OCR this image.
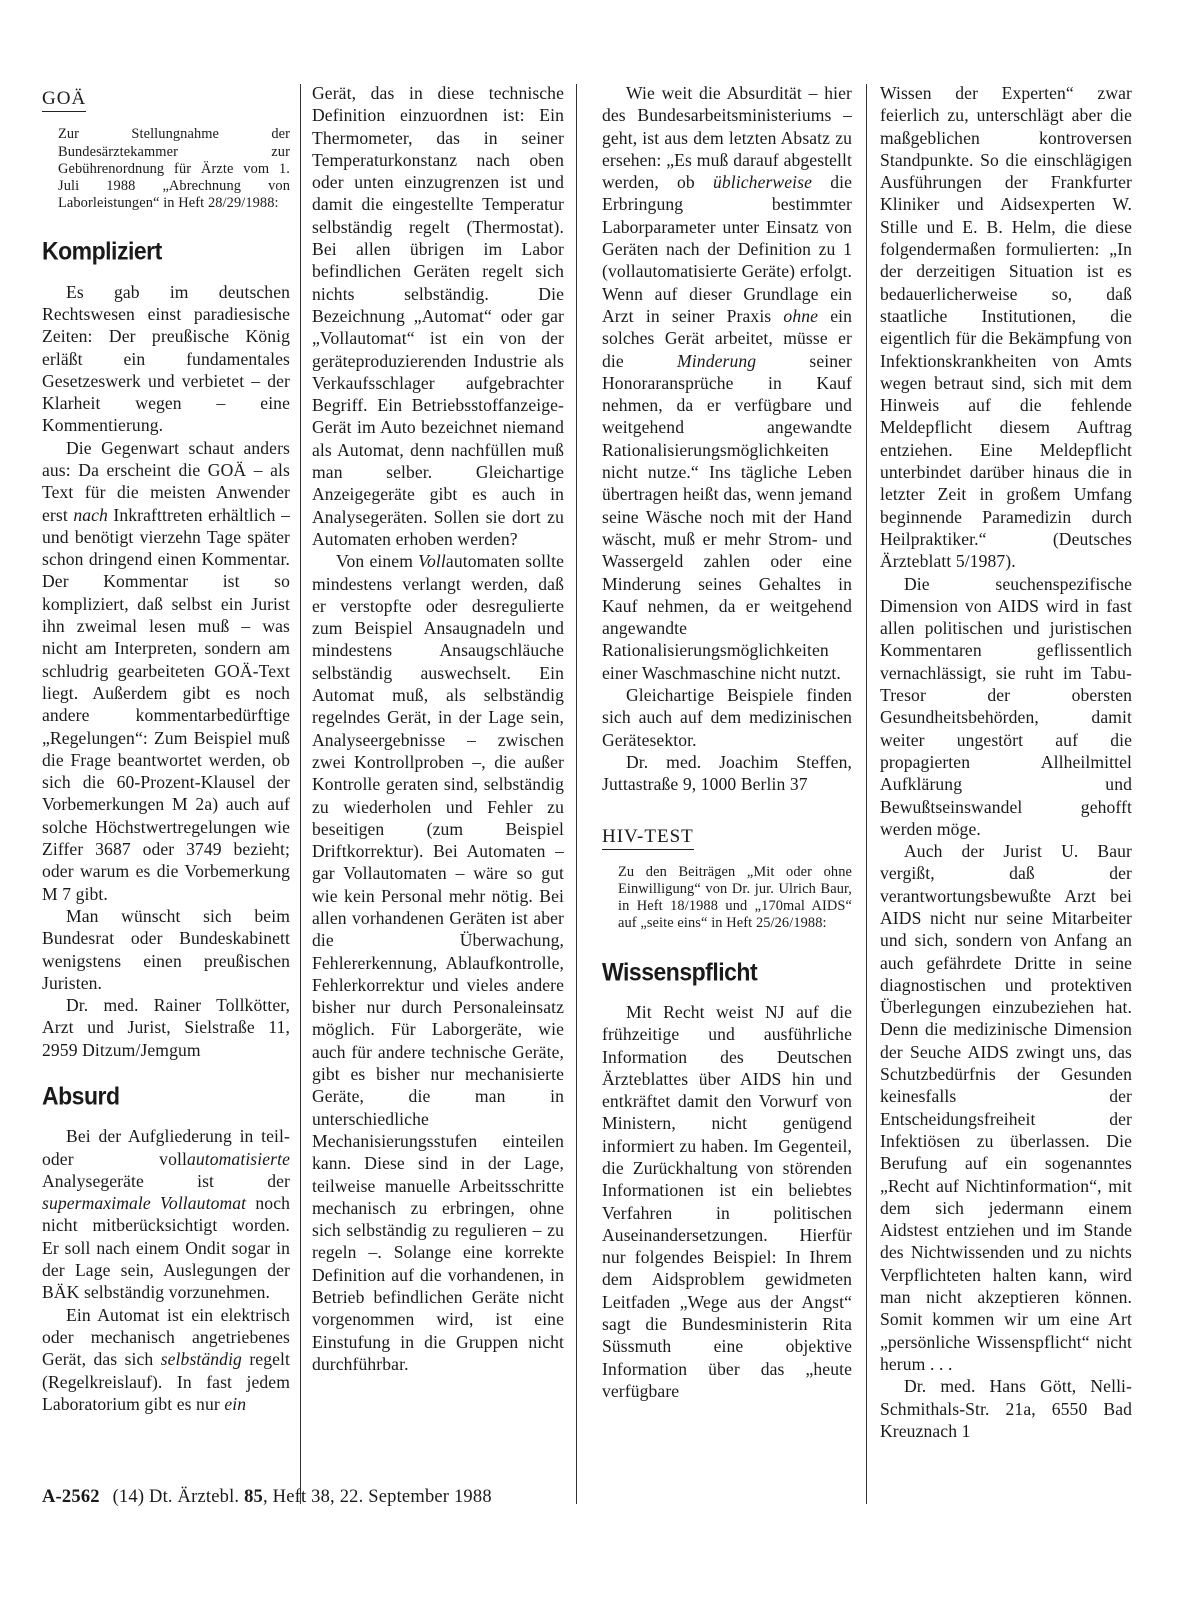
GOÄ
Zur Stellungnahme der Bundesärztekammer zur Gebührenordnung für Ärzte vom 1. Juli 1988 „Abrechnung von Laborleistungen“ in Heft 28/29/1988:
Kompliziert

Es gab im deutschen Rechtswesen einst paradiesische Zeiten: Der preußische König erläßt ein fundamentales Gesetzeswerk und verbietet – der Klarheit wegen – eine Kommentierung.

Die Gegenwart schaut anders aus: Da erscheint die GOÄ – als Text für die meisten Anwender erst nach Inkrafttreten erhältlich – und benötigt vierzehn Tage später schon dringend einen Kommentar. Der Kommentar ist so kompliziert, daß selbst ein Jurist ihn zweimal lesen muß – was nicht am Interpreten, sondern am schludrig gearbeiteten GOÄ-Text liegt. Außerdem gibt es noch andere kommentarbedürftige „Regelungen“: Zum Beispiel muß die Frage beantwortet werden, ob sich die 60-Prozent-Klausel der Vorbemerkungen M 2a) auch auf solche Höchstwertregelungen wie Ziffer 3687 oder 3749 bezieht; oder warum es die Vorbemerkung M 7 gibt.

Man wünscht sich beim Bundesrat oder Bundeskabinett wenigstens einen preußischen Juristen.

Dr. med. Rainer Tollkötter, Arzt und Jurist, Sielstraße 11, 2959 Ditzum/Jemgum

Absurd

Bei der Aufgliederung in teil- oder vollautomatisierte Analysegeräte ist der supermaximale Vollautomat noch nicht mitberücksichtigt worden. Er soll nach einem Ondit sogar in der Lage sein, Auslegungen der BÄK selbständig vorzunehmen.

Ein Automat ist ein elektrisch oder mechanisch angetriebenes Gerät, das sich selbständig regelt (Regelkreislauf). In fast jedem Laboratorium gibt es nur ein

Gerät, das in diese technische Definition einzuordnen ist: Ein Thermometer, das in seiner Temperaturkonstanz nach oben oder unten einzugrenzen ist und damit die eingestellte Temperatur selbständig regelt (Thermostat). Bei allen übrigen im Labor befindlichen Geräten regelt sich nichts selbständig. Die Bezeichnung „Automat“ oder gar „Vollautomat“ ist ein von der geräteproduzierenden Industrie als Verkaufsschlager aufgebrachter Begriff. Ein Betriebsstoffanzeige-Gerät im Auto bezeichnet niemand als Automat, denn nachfüllen muß man selber. Gleichartige Anzeigegeräte gibt es auch in Analysegeräten. Sollen sie dort zu Automaten erhoben werden?

Von einem Vollautomaten sollte mindestens verlangt werden, daß er verstopfte oder desregulierte zum Beispiel Ansaugnadeln und mindestens Ansaugschläuche selbständig auswechselt. Ein Automat muß, als selbständig regelndes Gerät, in der Lage sein, Analyseergebnisse – zwischen zwei Kontrollproben –, die außer Kontrolle geraten sind, selbständig zu wiederholen und Fehler zu beseitigen (zum Beispiel Driftkorrektur). Bei Automaten – gar Vollautomaten – wäre so gut wie kein Personal mehr nötig. Bei allen vorhandenen Geräten ist aber die Überwachung, Fehlererkennung, Ablaufkontrolle, Fehlerkorrektur und vieles andere bisher nur durch Personaleinsatz möglich. Für Laborgeräte, wie auch für andere technische Geräte, gibt es bisher nur mechanisierte Geräte, die man in unterschiedliche Mechanisierungsstufen einteilen kann. Diese sind in der Lage, teilweise manuelle Arbeitsschritte mechanisch zu erbringen, ohne sich selbständig zu regulieren – zu regeln –. Solange eine korrekte Definition auf die vorhandenen, in Betrieb befindlichen Geräte nicht vorgenommen wird, ist eine Einstufung in die Gruppen nicht durchführbar.

Wie weit die Absurdität – hier des Bundesarbeitsministeriums – geht, ist aus dem letzten Absatz zu ersehen: „Es muß darauf abgestellt werden, ob üblicherweise die Erbringung bestimmter Laborparameter unter Einsatz von Geräten nach der Definition zu 1 (vollautomatisierte Geräte) erfolgt. Wenn auf dieser Grundlage ein Arzt in seiner Praxis ohne ein solches Gerät arbeitet, müsse er die Minderung seiner Honoraransprüche in Kauf nehmen, da er verfügbare und weitgehend angewandte Rationalisierungsmöglichkeiten nicht nutze.“ Ins tägliche Leben übertragen heißt das, wenn jemand seine Wäsche noch mit der Hand wäscht, muß er mehr Strom- und Wassergeld zahlen oder eine Minderung seines Gehaltes in Kauf nehmen, da er weitgehend angewandte Rationalisierungsmöglichkeiten einer Waschmaschine nicht nutzt.

Gleichartige Beispiele finden sich auch auf dem medizinischen Gerätesektor.

Dr. med. Joachim Steffen, Juttastraße 9, 1000 Berlin 37

HIV-TEST
Zu den Beiträgen „Mit oder ohne Einwilligung“ von Dr. jur. Ulrich Baur, in Heft 18/1988 und „170mal AIDS“ auf „seite eins“ in Heft 25/26/1988:
Wissenspflicht

Mit Recht weist NJ auf die frühzeitige und ausführliche Information des Deutschen Ärzteblattes über AIDS hin und entkräftet damit den Vorwurf von Ministern, nicht genügend informiert zu haben. Im Gegenteil, die Zurückhaltung von störenden Informationen ist ein beliebtes Verfahren in politischen Auseinandersetzungen. Hierfür nur folgendes Beispiel: In Ihrem dem Aidsproblem gewidmeten Leitfaden „Wege aus der Angst“ sagt die Bundesministerin Rita Süssmuth eine objektive Information über das „heute verfügbare

Wissen der Experten“ zwar feierlich zu, unterschlägt aber die maßgeblichen kontroversen Standpunkte. So die einschlägigen Ausführungen der Frankfurter Kliniker und Aidsexperten W. Stille und E. B. Helm, die diese folgendermaßen formulierten: „In der derzeitigen Situation ist es bedauerlicherweise so, daß staatliche Institutionen, die eigentlich für die Bekämpfung von Infektionskrankheiten von Amts wegen betraut sind, sich mit dem Hinweis auf die fehlende Meldepflicht diesem Auftrag entziehen. Eine Meldepflicht unterbindet darüber hinaus die in letzter Zeit in großem Umfang beginnende Paramedizin durch Heilpraktiker.“ (Deutsches Ärzteblatt 5/1987).

Die seuchenspezifische Dimension von AIDS wird in fast allen politischen und juristischen Kommentaren geflissentlich vernachlässigt, sie ruht im Tabu-Tresor der obersten Gesundheitsbehörden, damit weiter ungestört auf die propagierten Allheilmittel Aufklärung und Bewußtseinswandel gehofft werden möge.

Auch der Jurist U. Baur vergißt, daß der verantwortungsbewußte Arzt bei AIDS nicht nur seine Mitarbeiter und sich, sondern von Anfang an auch gefährdete Dritte in seine diagnostischen und protektiven Überlegungen einzubeziehen hat. Denn die medizinische Dimension der Seuche AIDS zwingt uns, das Schutzbedürfnis der Gesunden keinesfalls der Entscheidungsfreiheit der Infektiösen zu überlassen. Die Berufung auf ein sogenanntes „Recht auf Nichtinformation“, mit dem sich jedermann einem Aidstest entziehen und im Stande des Nichtwissenden und zu nichts Verpflichteten halten kann, wird man nicht akzeptieren können. Somit kommen wir um eine Art „persönliche Wissenspflicht“ nicht herum . . .

Dr. med. Hans Gött, Nelli-Schmithals-Str. 21a, 6550 Bad Kreuznach 1

A-2562 (14) Dt. Ärztebl. 85, Heft 38, 22. September 1988
